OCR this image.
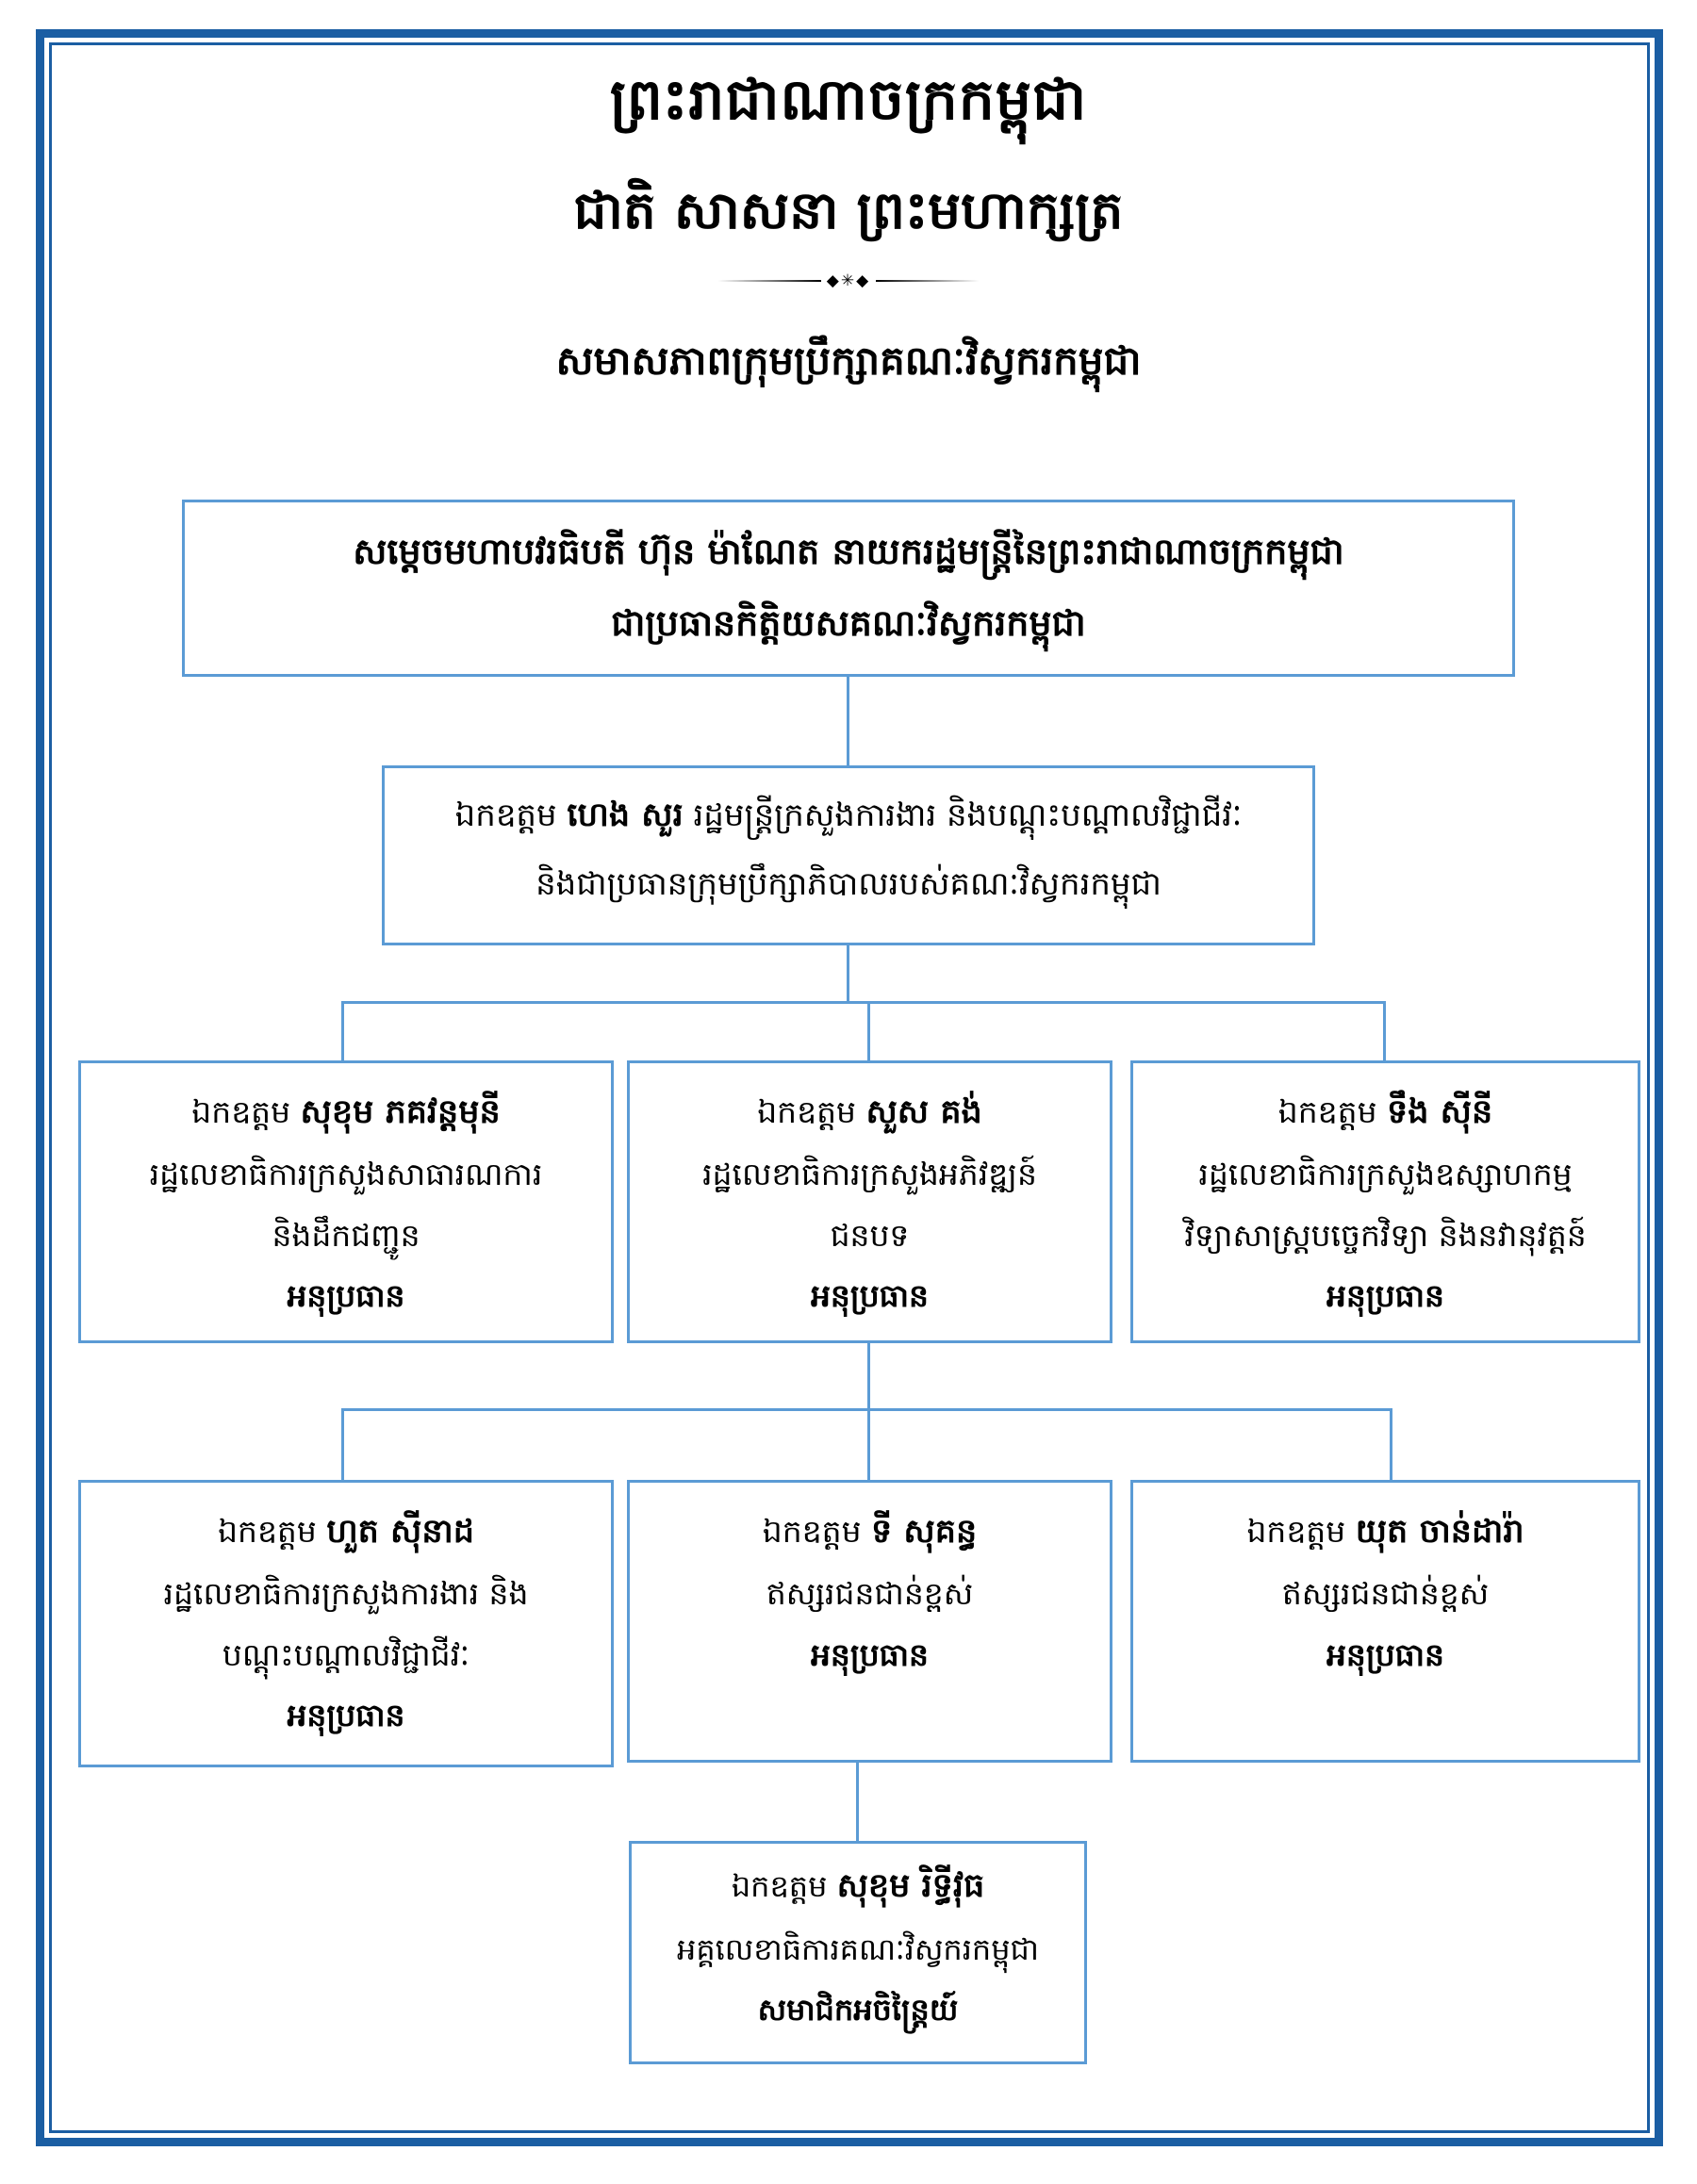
ព្រះរាជាណាចក្រកម្ពុជា
ជាតិ សាសនា ព្រះមហាក្សត្រ
◆✳◆
សមាសភាពក្រុមប្រឹក្សាគណៈវិស្វករកម្ពុជា
សម្តេចមហាបវរធិបតី ហ៊ុន ម៉ាណែត នាយករដ្ឋមន្ត្រីនៃព្រះរាជាណាចក្រកម្ពុជា
ជាប្រធានកិត្តិយសគណៈវិស្វករកម្ពុជា
ឯកឧត្តម ហេង សួរ រដ្ឋមន្ត្រីក្រសួងការងារ និងបណ្តុះបណ្តាលវិជ្ជាជីវៈ
និងជាប្រធានក្រុមប្រឹក្សាភិបាលរបស់គណៈវិស្វករកម្ពុជា
ឯកឧត្តម សុខុម ភគវន្តមុនី
រដ្ឋលេខាធិការក្រសួងសាធារណការ
និងដឹកជញ្ជូន
អនុប្រធាន
ឯកឧត្តម សួស គង់
រដ្ឋលេខាធិការក្រសួងអភិវឌ្ឍន៍
ជនបទ
អនុប្រធាន
ឯកឧត្តម ទឹង ស៊ីនី
រដ្ឋលេខាធិការក្រសួងឧស្សាហកម្ម
វិទ្យាសាស្ត្របច្ចេកវិទ្យា និងនវានុវត្តន៍
អនុប្រធាន
ឯកឧត្តម ហួត ស៊ីនាដ
រដ្ឋលេខាធិការក្រសួងការងារ និង
បណ្តុះបណ្តាលវិជ្ជាជីវៈ
អនុប្រធាន
ឯកឧត្តម ទី សុគន្ធ
ឥស្សរជនជាន់ខ្ពស់
អនុប្រធាន
ឯកឧត្តម យុត ចាន់ដារ៉ា
ឥស្សរជនជាន់ខ្ពស់
អនុប្រធាន
ឯកឧត្តម សុខុម រិទ្ធីវុធ
អគ្គលេខាធិការគណៈវិស្វករកម្ពុជា
សមាជិកអចិន្ត្រៃយ៍
